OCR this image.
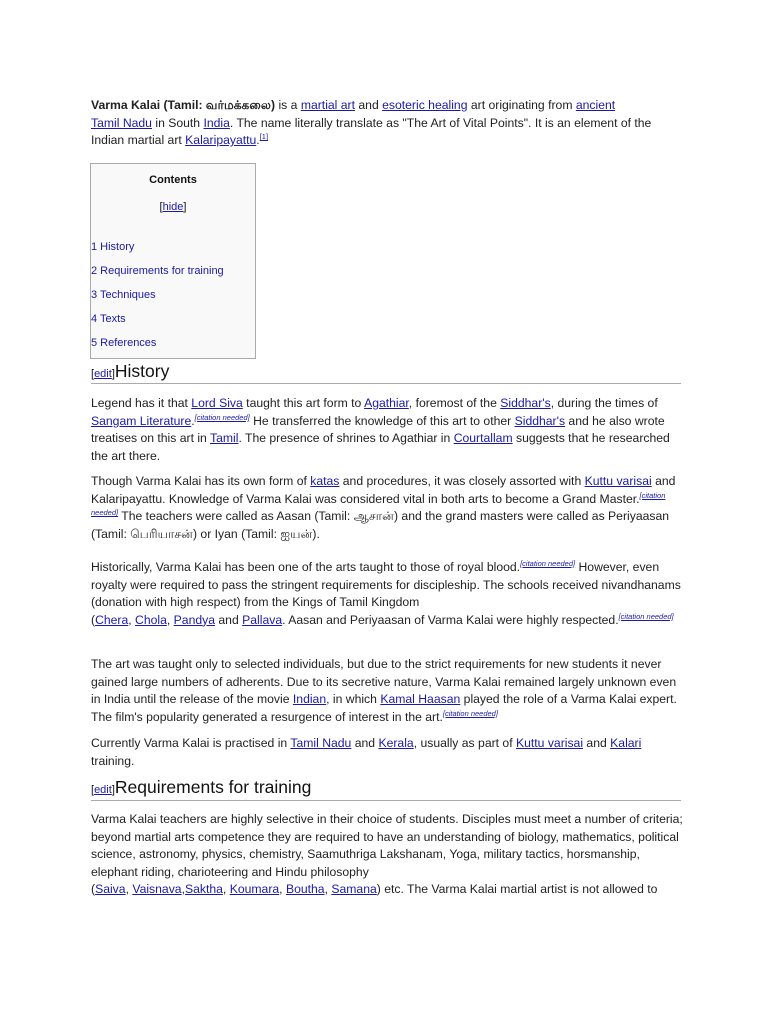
Varma Kalai (Tamil: வர்மக்கலை) is a martial art and esoteric healing art originating from ancient
Tamil Nadu in South India. The name literally translate as "The Art of Vital Points". It is an element of the Indian martial art Kalaripayattu.[1]

Contents
[hide]
1 History
2 Requirements for training
3 Techniques
4 Texts
5 References
[edit]History

Legend has it that Lord Siva taught this art form to Agathiar, foremost of the Siddhar's, during the times of Sangam Literature.[citation needed] He transferred the knowledge of this art to other Siddhar's and he also wrote treatises on this art in Tamil. The presence of shrines to Agathiar in Courtallam suggests that he researched the art there.

Though Varma Kalai has its own form of katas and procedures, it was closely assorted with Kuttu varisai and Kalaripayattu. Knowledge of Varma Kalai was considered vital in both arts to become a Grand Master.[citation needed] The teachers were called as Aasan (Tamil: ஆசான்) and the grand masters were called as Periyaasan (Tamil: பெரியாசன்) or Iyan (Tamil: ஐயன்).

Historically, Varma Kalai has been one of the arts taught to those of royal blood.[citation needed] However, even royalty were required to pass the stringent requirements for discipleship. The schools received nivandhanams (donation with high respect) from the Kings of Tamil Kingdom
(Chera, Chola, Pandya and Pallava. Aasan and Periyaasan of Varma Kalai were highly respected.[citation needed]

The art was taught only to selected individuals, but due to the strict requirements for new students it never gained large numbers of adherents. Due to its secretive nature, Varma Kalai remained largely unknown even in India until the release of the movie Indian, in which Kamal Haasan played the role of a Varma Kalai expert. The film's popularity generated a resurgence of interest in the art.[citation needed]

Currently Varma Kalai is practised in Tamil Nadu and Kerala, usually as part of Kuttu varisai and Kalari training.

[edit]Requirements for training

Varma Kalai teachers are highly selective in their choice of students. Disciples must meet a number of criteria; beyond martial arts competence they are required to have an understanding of biology, mathematics, political science, astronomy, physics, chemistry, Saamuthriga Lakshanam, Yoga, military tactics, horsmanship, elephant riding, charioteering and Hindu philosophy
(Saiva, Vaisnava,Saktha, Koumara, Boutha, Samana) etc. The Varma Kalai martial artist is not allowed to
